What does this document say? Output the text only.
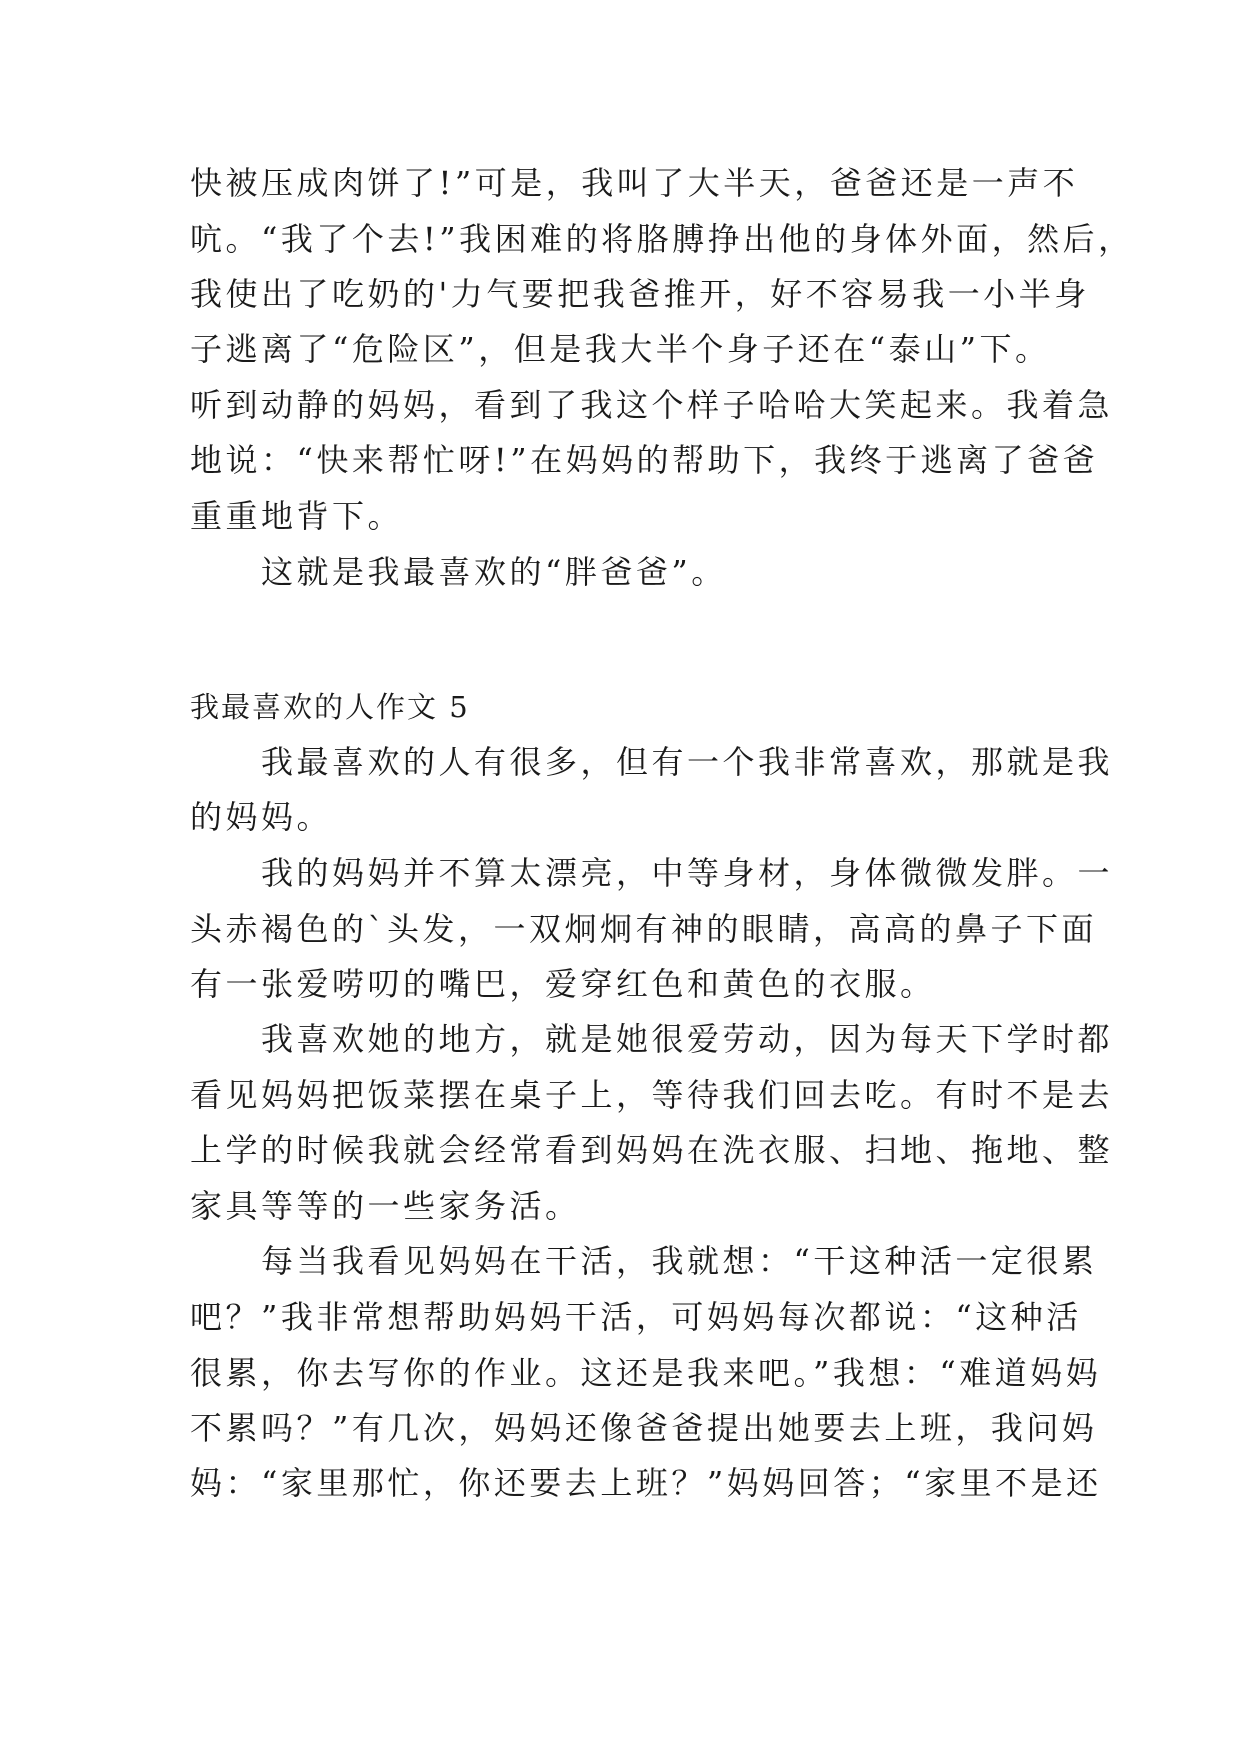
快被压成肉饼了!”可是，我叫了大半天，爸爸还是一声不
吭。“我了个去!”我困难的将胳膊挣出他的身体外面，然后，
我使出了吃奶的'力气要把我爸推开，好不容易我一小半身
子逃离了“危险区”，但是我大半个身子还在“泰山”下。
听到动静的妈妈，看到了我这个样子哈哈大笑起来。我着急
地说：“快来帮忙呀!”在妈妈的帮助下，我终于逃离了爸爸
重重地背下。
　　这就是我最喜欢的“胖爸爸”。
我最喜欢的人作文 5
　　我最喜欢的人有很多，但有一个我非常喜欢，那就是我
的妈妈。
　　我的妈妈并不算太漂亮，中等身材，身体微微发胖。一
头赤褐色的`头发，一双炯炯有神的眼睛，高高的鼻子下面
有一张爱唠叨的嘴巴，爱穿红色和黄色的衣服。
　　我喜欢她的地方，就是她很爱劳动，因为每天下学时都
看见妈妈把饭菜摆在桌子上，等待我们回去吃。有时不是去
上学的时候我就会经常看到妈妈在洗衣服、扫地、拖地、整
家具等等的一些家务活。
　　每当我看见妈妈在干活，我就想：“干这种活一定很累
吧？”我非常想帮助妈妈干活，可妈妈每次都说：“这种活
很累，你去写你的作业。这还是我来吧。”我想：“难道妈妈
不累吗？”有几次，妈妈还像爸爸提出她要去上班，我问妈
妈：“家里那忙，你还要去上班？”妈妈回答；“家里不是还
